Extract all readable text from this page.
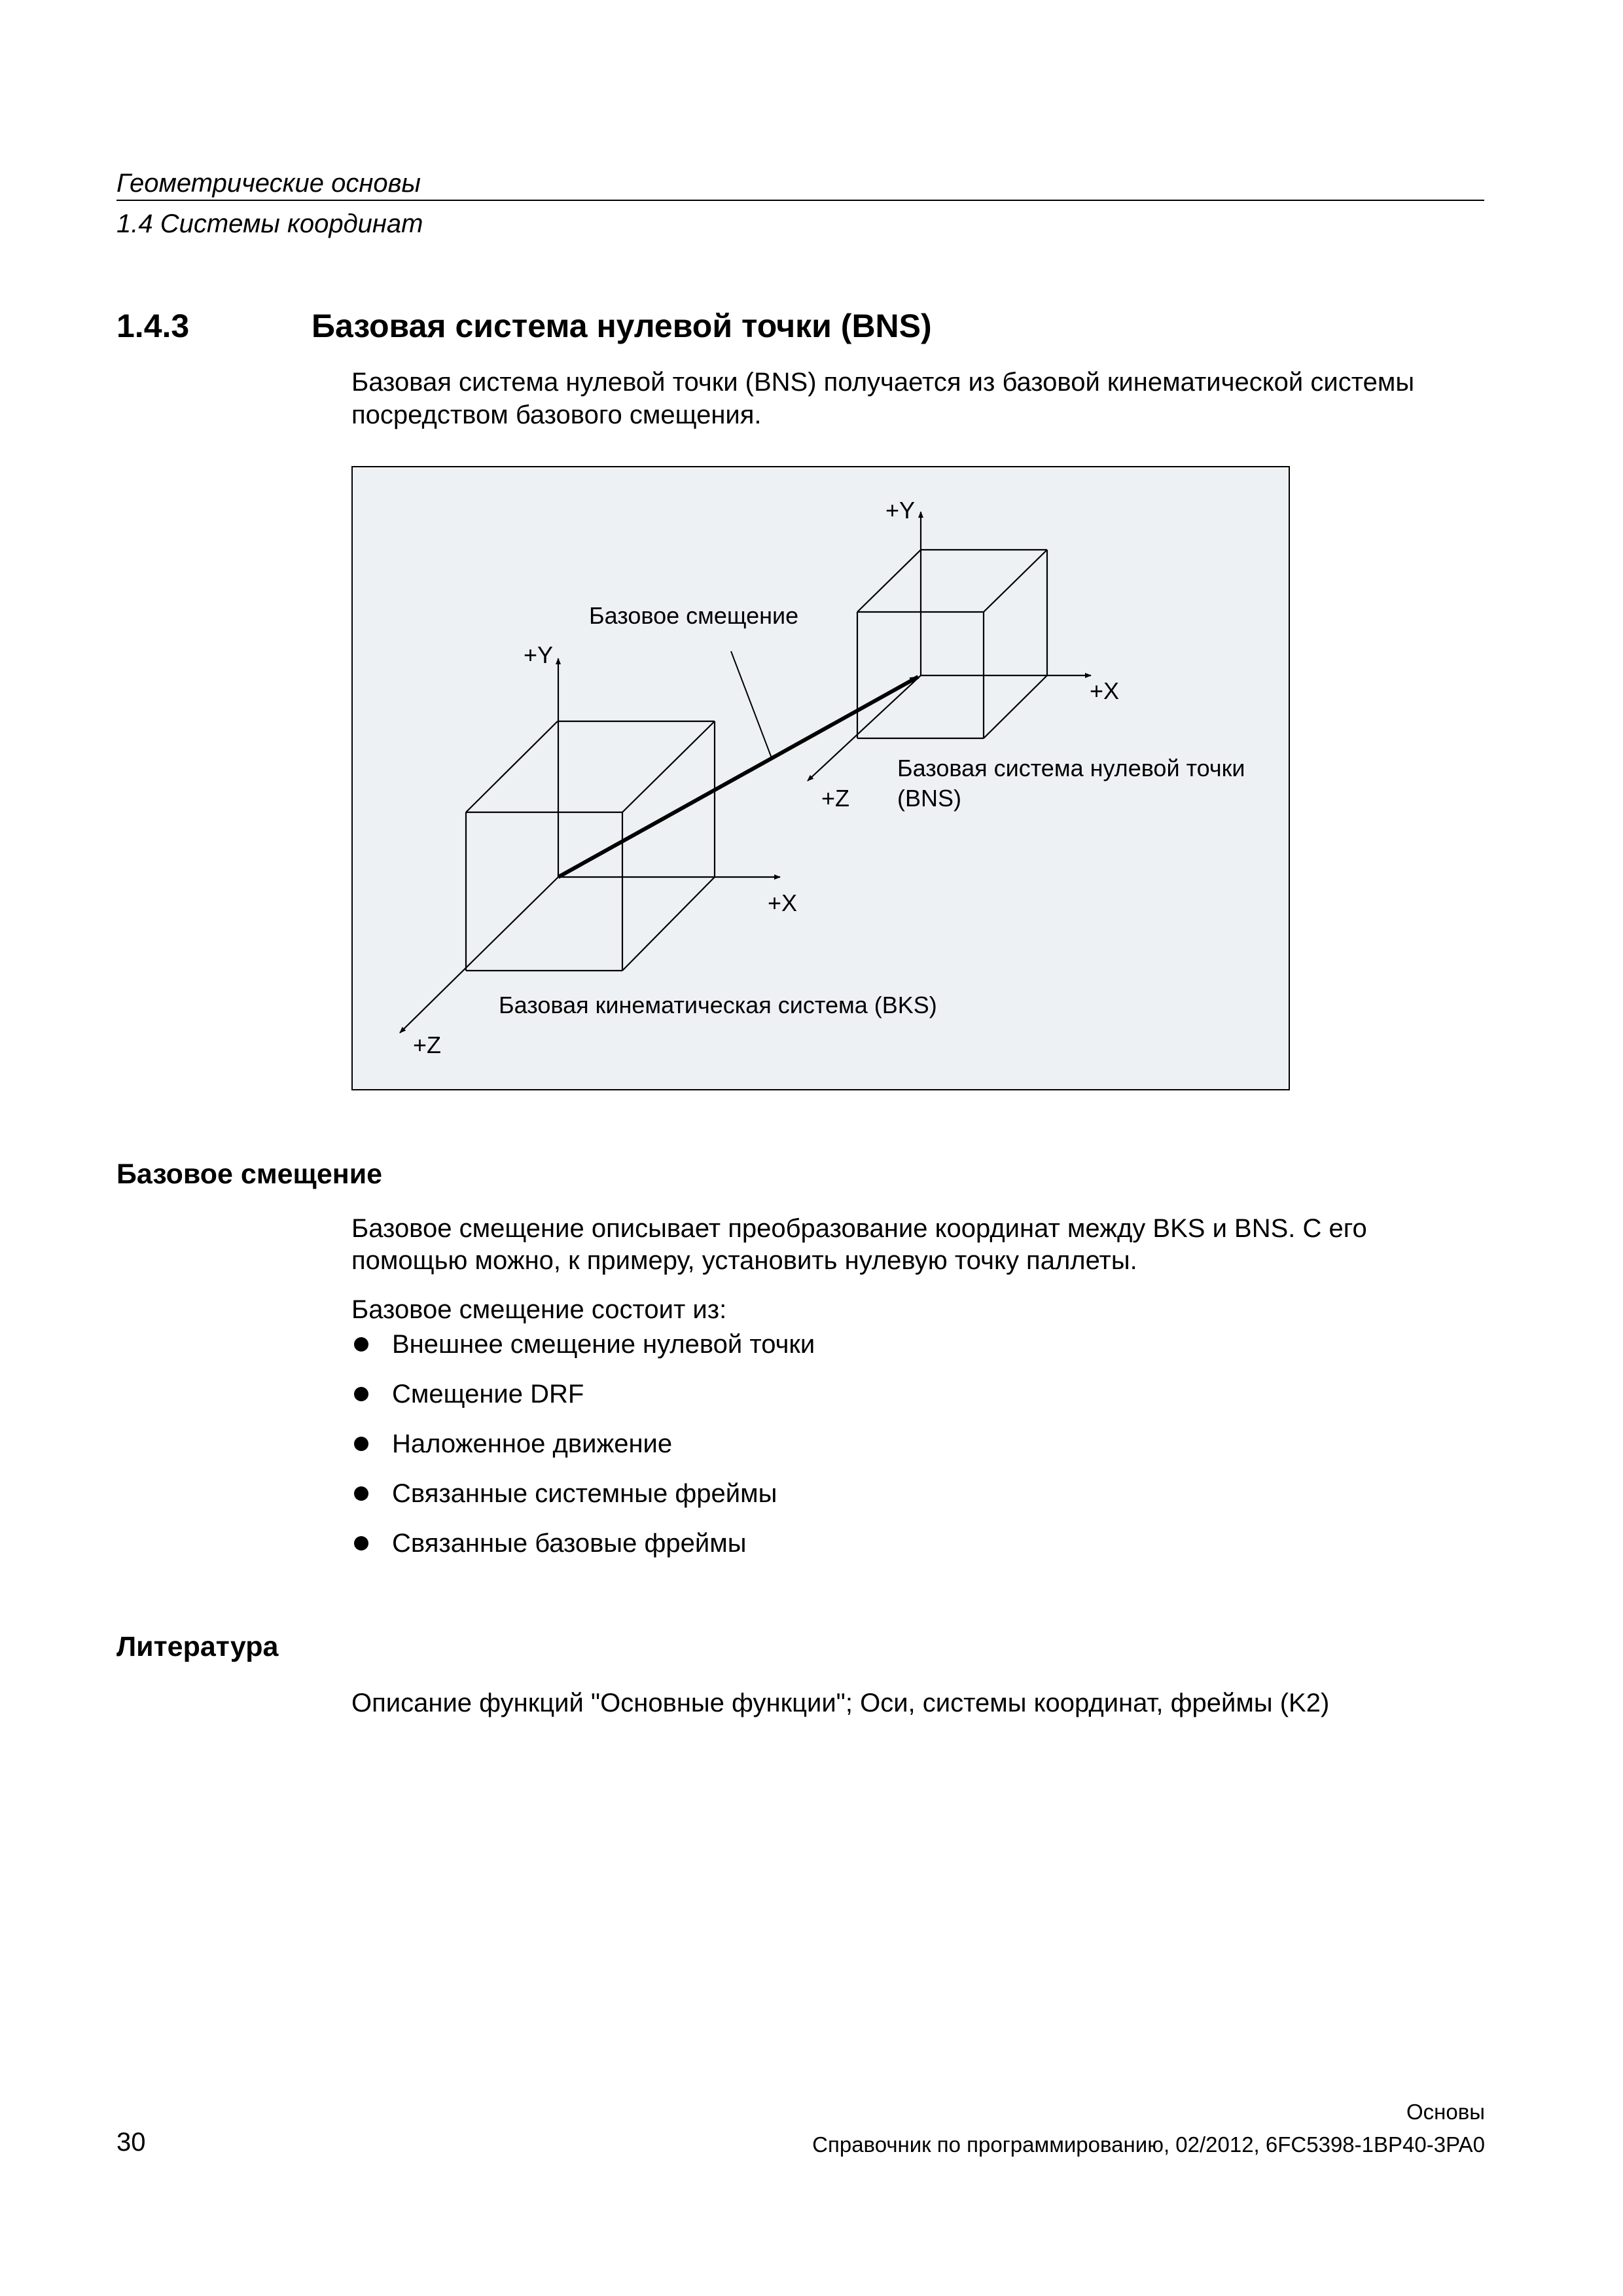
Геометрические основы
1.4 Системы координат
1.4.3	Базовая система нулевой точки (BNS)
Базовая система нулевой точки (BNS) получается из базовой кинематической системы
посредством базового смещения.
+Y
+X
+Z
+Y
+X
+Z
Базовое смещение
Базовая система нулевой точки
(BNS)
Базовая кинематическая система (BKS)
Базовое смещение
Базовое смещение описывает преобразование координат между BKS и BNS. С его
помощью можно, к примеру, установить нулевую точку паллеты.
Базовое смещение состоит из:
Внешнее смещение нулевой точки
Смещение DRF
Наложенное движение
Связанные системные фреймы
Связанные базовые фреймы
Литература
Описание функций "Основные функции"; Оси, системы координат, фреймы (K2)
30
Основы
Справочник по программированию, 02/2012, 6FC5398-1BP40-3PA0
